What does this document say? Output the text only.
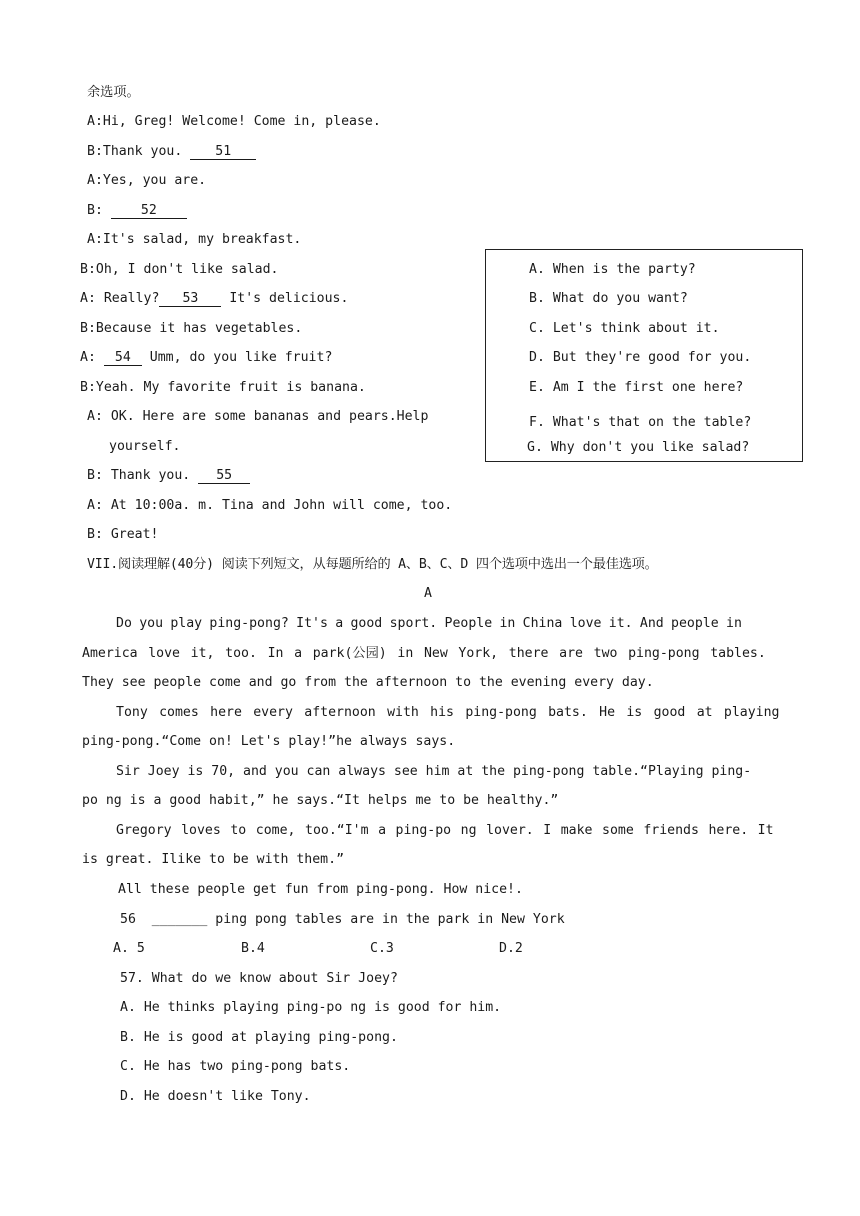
余选项。
A:Hi, Greg! Welcome! Come in, please.
B:Thank you. 51
A:Yes, you are.
B: 52
A:It's salad, my breakfast.
B:Oh, I don't like salad.
A: Really? 53 It's delicious.
B:Because it has vegetables.
A: 54 Umm, do you like fruit?
B:Yeah. My favorite fruit is banana.
A: OK. Here are some bananas and pears.Help
yourself.
B: Thank you. 55
A: At 10:00a. m. Tina and John will come, too.
B: Great!
A. When is the party?
B. What do you want?
C. Let's think about it.
D. But they're good for you.
E. Am I the first one here?
F. What's that on the table?
G. Why don't you like salad?
VII.阅读理解(40分) 阅读下列短文，从每题所给的 A、B、C、D 四个选项中选出一个最佳选项。
A
Do you play ping-pong? It's a good sport. People in China love it. And people in
America love it, too. In a park(公园) in New York, there are two ping-pong tables.
They see people come and go from the afternoon to the evening every day.
Tony comes here every afternoon with his ping-pong bats. He is good at playing
ping-pong.“Come on! Let's play!”he always says.
Sir Joey is 70, and you can always see him at the ping-pong table.“Playing ping-
po ng is a good habit,” he says.“It helps me to be healthy.”
Gregory loves to come, too.“I'm a ping-po ng lover. I make some friends here. It
is great. Ilike to be with them.”
All these people get fun from ping-pong. How nice!.
56 _______ ping pong tables are in the park in New York
A. 5	B.4	C.3	D.2
57. What do we know about Sir Joey?
A. He thinks playing ping-po ng is good for him.
B. He is good at playing ping-pong.
C. He has two ping-pong bats.
D. He doesn't like Tony.
